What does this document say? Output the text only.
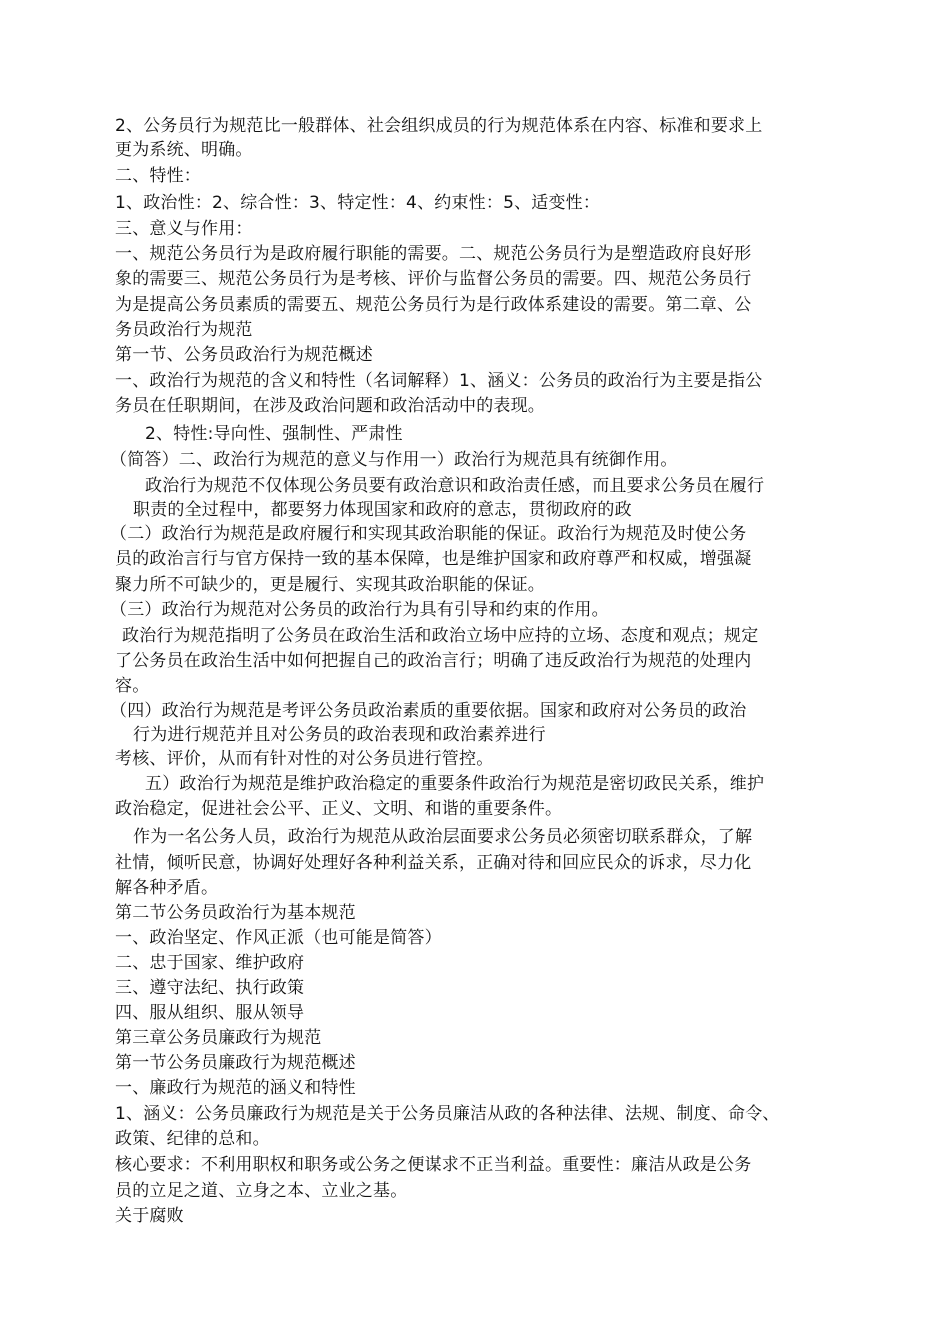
2、公务员行为规范比一般群体、社会组织成员的行为规范体系在内容、标准和要求上
更为系统、明确。
二、特性：
1、政治性：2、综合性：3、特定性：4、约束性：5、适变性：
三、意义与作用：
一、规范公务员行为是政府履行职能的需要。二、规范公务员行为是塑造政府良好形
象的需要三、规范公务员行为是考核、评价与监督公务员的需要。四、规范公务员行
为是提高公务员素质的需要五、规范公务员行为是行政体系建设的需要。第二章、公
务员政治行为规范
第一节、公务员政治行为规范概述
一、政治行为规范的含义和特性（名词解释）1、涵义：公务员的政治行为主要是指公
务员在任职期间，在涉及政治问题和政治活动中的表现。
2、特性:导向性、强制性、严肃性
（简答）二、政治行为规范的意义与作用一）政治行为规范具有统御作用。
政治行为规范不仅体现公务员要有政治意识和政治责任感，而且要求公务员在履行
职责的全过程中，都要努力体现国家和政府的意志，贯彻政府的政
（二）政治行为规范是政府履行和实现其政治职能的保证。政治行为规范及时使公务
员的政治言行与官方保持一致的基本保障，也是维护国家和政府尊严和权威，增强凝
聚力所不可缺少的，更是履行、实现其政治职能的保证。
（三）政治行为规范对公务员的政治行为具有引导和约束的作用。
政治行为规范指明了公务员在政治生活和政治立场中应持的立场、态度和观点；规定
了公务员在政治生活中如何把握自己的政治言行；明确了违反政治行为规范的处理内
容。
（四）政治行为规范是考评公务员政治素质的重要依据。国家和政府对公务员的政治
行为进行规范并且对公务员的政治表现和政治素养进行
考核、评价，从而有针对性的对公务员进行管控。
五）政治行为规范是维护政治稳定的重要条件政治行为规范是密切政民关系，维护
政治稳定，促进社会公平、正义、文明、和谐的重要条件。
作为一名公务人员，政治行为规范从政治层面要求公务员必须密切联系群众，了解
社情，倾听民意，协调好处理好各种利益关系，正确对待和回应民众的诉求，尽力化
解各种矛盾。
第二节公务员政治行为基本规范
一、政治坚定、作风正派（也可能是简答）
二、忠于国家、维护政府
三、遵守法纪、执行政策
四、服从组织、服从领导
第三章公务员廉政行为规范
第一节公务员廉政行为规范概述
一、廉政行为规范的涵义和特性
1、涵义：公务员廉政行为规范是关于公务员廉洁从政的各种法律、法规、制度、命令、
政策、纪律的总和。
核心要求：不利用职权和职务或公务之便谋求不正当利益。重要性：廉洁从政是公务
员的立足之道、立身之本、立业之基。
关于腐败
